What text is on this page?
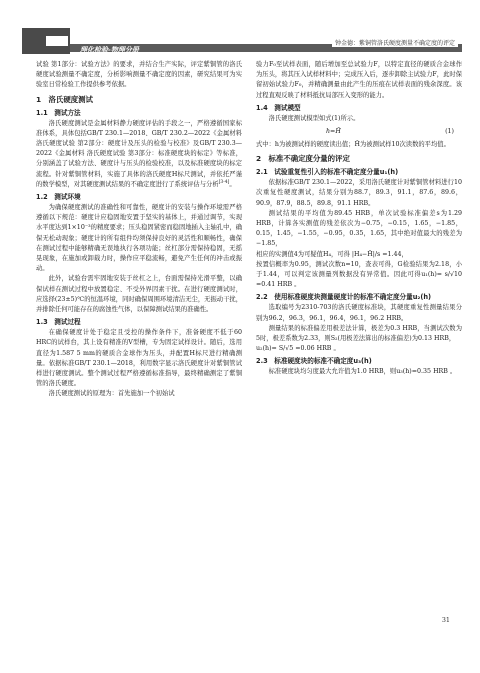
理化检验-物理分册
钟金德：紫铜管洛氏硬度测量不确定度的评定

试验 第1部分：试验方法》的要求，并结合生产实际，评定紫铜管的洛氏硬度试验测量不确定度，分析影响测量不确定度的因素，研究结果可为实验室日常检验工作提供参考依据。

1　洛氏硬度测试
1.1　测试方法

洛氏硬度测试是金属材料静力硬度评估的手段之一，严格遵循国家标准体系，具体包括GB/T 230.1—2018、GB/T 230.2—2022《金属材料 洛氏硬度试验 第2部分：硬度计及压头的检验与校准》及GB/T 230.3—2022《金属材料 洛氏硬度试验 第3部分：标准硬度块的标定》等标准，分别涵盖了试验方法、硬度计与压头的检验校准，以及标准硬度块的标定流程。针对紫铜管材料，实施了具体的洛氏硬度H标尺测试，并依托严谨的数学模型，对其硬度测试结果的不确定度进行了系统评估与分析[3-4]。

1.2　测试环境

为确保硬度测试的准确性和可靠性，硬度计的安装与操作环境需严格遵循以下规范：硬度计应稳固地安置于坚实的基体上，并通过调节，实现水平度达到1×10⁻³的精度要求；压头稳固紧密而稳固地插入主轴孔中，确保无松动现象；硬度计的所有组件均须保持良好的灵活性和顺畅性，确保在测试过程中能够精确无误地执行各项功能；丝杠部分需保持稳固，无摇晃现象，在施加或卸载力时，操作应平稳流畅，避免产生任何的冲击或振动。

此外，试验台需牢固地安装于丝杠之上，台面需保持光滑平整，以确保试样在测试过程中放置稳定、不受外界因素干扰。在进行硬度测试时，应选择(23±5)℃的恒温环境，同时确保周围环境清洁无尘，无振动干扰，并排除任何可能存在的腐蚀性气体，以保障测试结果的准确性。

1.3　测试过程

在确保硬度计处于稳定且受控的操作条件下，准备硬度不低于60 HRC的试样台，其上设有精准的V型槽，专为固定试样设计。随后，选用直径为1.587 5 mm的硬质合金球作为压头，并配置H标尺进行精确测量。依据标准GB/T 230.1—2018，利用数字显示洛氏硬度计对紫铜管试样进行硬度测试。整个测试过程严格遵循标准指导，最终精确测定了紫铜管的洛氏硬度。

洛氏硬度测试的原理为：首先施加一个初始试

验力F₀至试样表面，随后增加至总试验力F，以特定直径的硬质合金球作为压头，将其压入试样材料中；完成压入后，逐步卸除主试验力F，此时保留初始试验力F₀，并精确测量由此产生的压痕在试样表面的残余深度。该过程直观反映了材料抵抗局部压入变形的能力。

1.4　测试模型

洛氏硬度测试模型如式(1)所示。

h=H̄	(1)

式中：h为被测试样的硬度读出值；H̄为被测试样10次读数的平均值。

2　标准不确定度分量的评定
2.1　试验重复性引入的标准不确定度分量u₁(h)

依据标准GB/T 230.1—2022，采用洛氏硬度计对紫铜管材料进行10次重复性硬度测试，结果分别为88.7，89.3，91.1，87.6，89.6，90.9，87.9，88.5，89.8，91.1 HRB。

测试结果的平均值为89.45 HRB，单次试验标准偏差s为1.29 HRB，计算各实测值的残差依次为−0.75，−0.15，1.65，−1.85，0.15，1.45，−1.55，−0.95，0.35，1.65，其中绝对值最大的残差为−1.85，

相应的实测值4为可疑值H₄，可得 |H₄−H̄|/s =1.44，

按置信概率为0.95，测试次数n=10，查表可得，G检验结果为2.18，小于1.44，可以判定该测量列数据没有异常值。因此可得u₁(h)= s/√10 =0.41 HRB 。

2.2　使用标准硬度块测量硬度计的标准不确定度分量u₂(h)

选取编号为2310-703的洛氏硬度标准块，其硬度重复性测量结果分别为96.2，96.3，96.1，96.4，96.1，96.2 HRB。

测量结果的标准偏差用极差法计算，极差为0.3 HRB，当测试次数为5时，极差系数为2.33，则S₂(用极差法算出的标准偏差)为0.13 HRB，

u₂(h)= S/√5 =0.06 HRB 。

2.3　标准硬度块的标准不确定度u₃(h)

标准硬度块均匀度最大允许值为1.0 HRB，则u₃(h)=0.35 HRB 。

31
